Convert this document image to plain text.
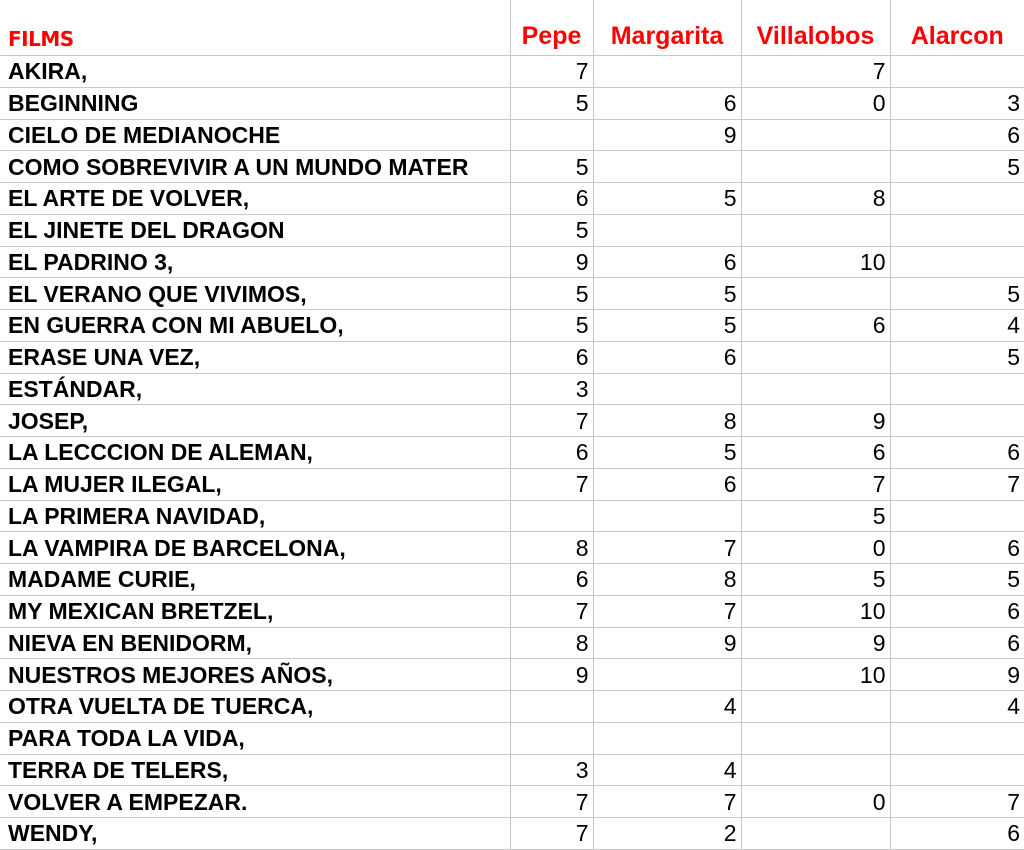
FILMS	Pepe	Margarita	Villalobos	Alarcon
AKIRA,	7		7	
BEGINNING	5	6	0	3
CIELO DE MEDIANOCHE		9		6
COMO SOBREVIVIR A UN MUNDO MATER	5			5
EL ARTE DE VOLVER,	6	5	8	
EL JINETE DEL DRAGON	5			
EL PADRINO 3,	9	6	10	
EL VERANO QUE VIVIMOS,	5	5		5
EN GUERRA CON MI ABUELO,	5	5	6	4
ERASE UNA VEZ,	6	6		5
ESTÁNDAR,	3			
JOSEP,	7	8	9	
LA LECCCION DE ALEMAN,	6	5	6	6
LA MUJER ILEGAL,	7	6	7	7
LA PRIMERA NAVIDAD,			5	
LA VAMPIRA DE BARCELONA,	8	7	0	6
MADAME CURIE,	6	8	5	5
MY MEXICAN BRETZEL,	7	7	10	6
NIEVA EN BENIDORM,	8	9	9	6
NUESTROS MEJORES AÑOS,	9		10	9
OTRA VUELTA DE TUERCA,		4		4
PARA TODA LA VIDA,				
TERRA DE TELERS,	3	4		
VOLVER A EMPEZAR.	7	7	0	7
WENDY,	7	2		6
